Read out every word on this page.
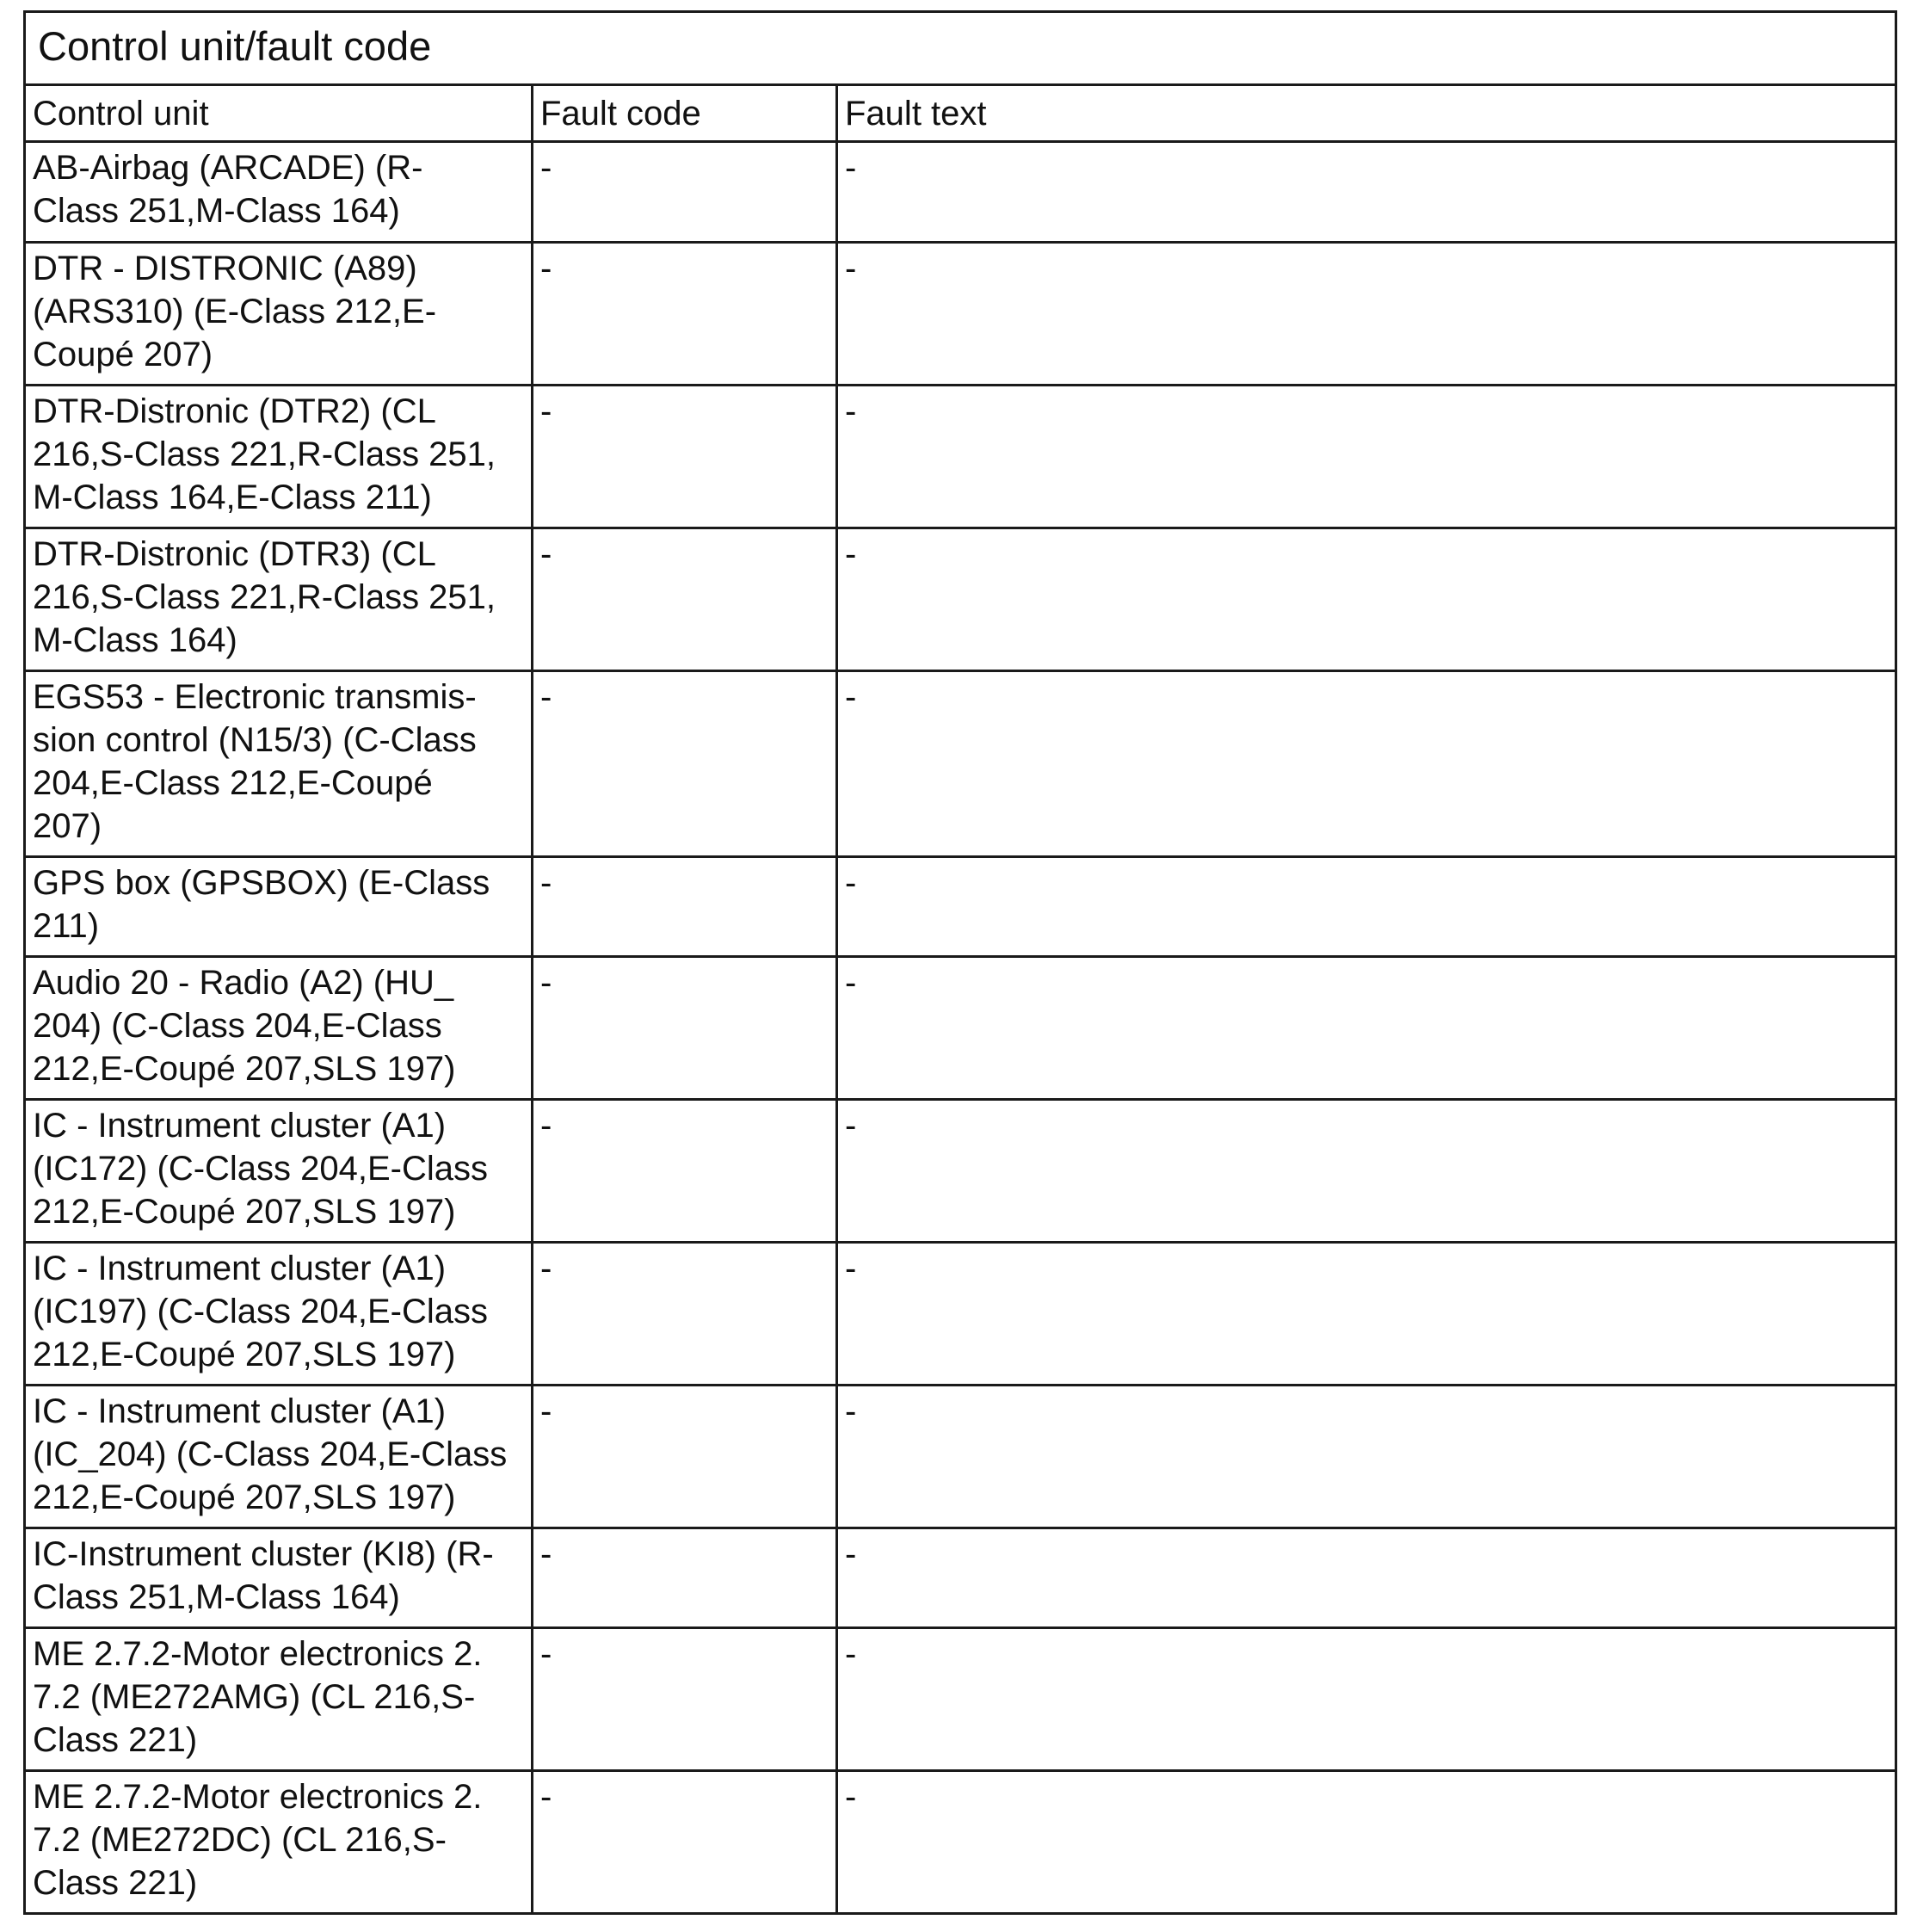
Control unit/fault code		
Control unit	Fault code	Fault text

AB-Airbag (ARCADE) (R-
Class 251,M-Class 164)	-	-

DTR - DISTRONIC (A89)
(ARS310) (E-Class 212,E-
Coupé 207)	-	-

DTR-Distronic (DTR2) (CL
216,S-Class 221,R-Class 251,
M-Class 164,E-Class 211)	-	-

DTR-Distronic (DTR3) (CL
216,S-Class 221,R-Class 251,
M-Class 164)	-	-

EGS53 - Electronic transmis-
sion control (N15/3) (C-Class
204,E-Class 212,E-Coupé
207)	-	-

GPS box (GPSBOX) (E-Class
211)	-	-

Audio 20 - Radio (A2) (HU_
204) (C-Class 204,E-Class
212,E-Coupé 207,SLS 197)	-	-

IC - Instrument cluster (A1)
(IC172) (C-Class 204,E-Class
212,E-Coupé 207,SLS 197)	-	-

IC - Instrument cluster (A1)
(IC197) (C-Class 204,E-Class
212,E-Coupé 207,SLS 197)	-	-

IC - Instrument cluster (A1)
(IC_204) (C-Class 204,E-Class
212,E-Coupé 207,SLS 197)	-	-

IC-Instrument cluster (KI8) (R-
Class 251,M-Class 164)	-	-

ME 2.7.2-Motor electronics 2.
7.2 (ME272AMG) (CL 216,S-
Class 221)	-	-

ME 2.7.2-Motor electronics 2.
7.2 (ME272DC) (CL 216,S-
Class 221)	-	-
